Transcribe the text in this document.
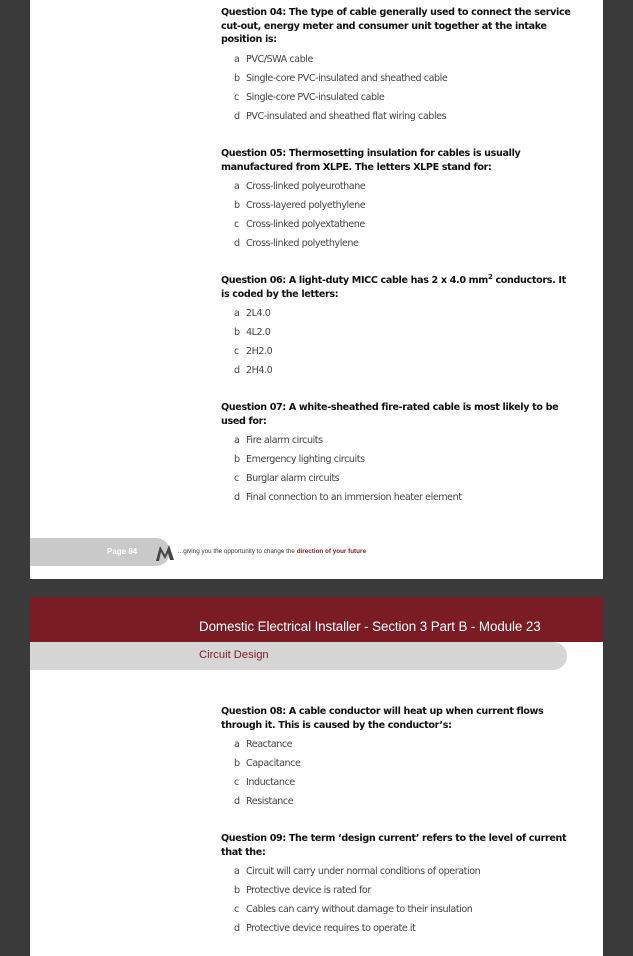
Question 04: The type of cable generally used to connect the service cut-out, energy meter and consumer unit together at the intake position is:

a PVC/SWA cable
b Single-core PVC-insulated and sheathed cable
c Single-core PVC-insulated cable
d PVC-insulated and sheathed flat wiring cables

Question 05: Thermosetting insulation for cables is usually manufactured from XLPE. The letters XLPE stand for:

a Cross-linked polyeurothane
b Cross-layered polyethylene
c Cross-linked polyextathene
d Cross-linked polyethylene

Question 06: A light-duty MICC cable has 2 x 4.0 $mm^2$ conductors. It is coded by the letters:

a 2L4.0
b 4L2.0
c 2H2.0
d 2H4.0

Question 07: A white-sheathed fire-rated cable is most likely to be used for:

a Fire alarm circuits
b Emergency lighting circuits
c Burglar alarm circuits
d Final connection to an immersion heater element
Page 84	...giving you the opportunity to change the direction of your future
Domestic Electrical Installer - Section 3 Part B - Module 23
Circuit Design

Question 08: A cable conductor will heat up when current flows through it. This is caused by the conductor’s:

a Reactance
b Capacitance
c Inductance
d Resistance

Question 09: The term ‘design current’ refers to the level of current that the:

a Circuit will carry under normal conditions of operation
b Protective device is rated for
c Cables can carry without damage to their insulation
d Protective device requires to operate it
